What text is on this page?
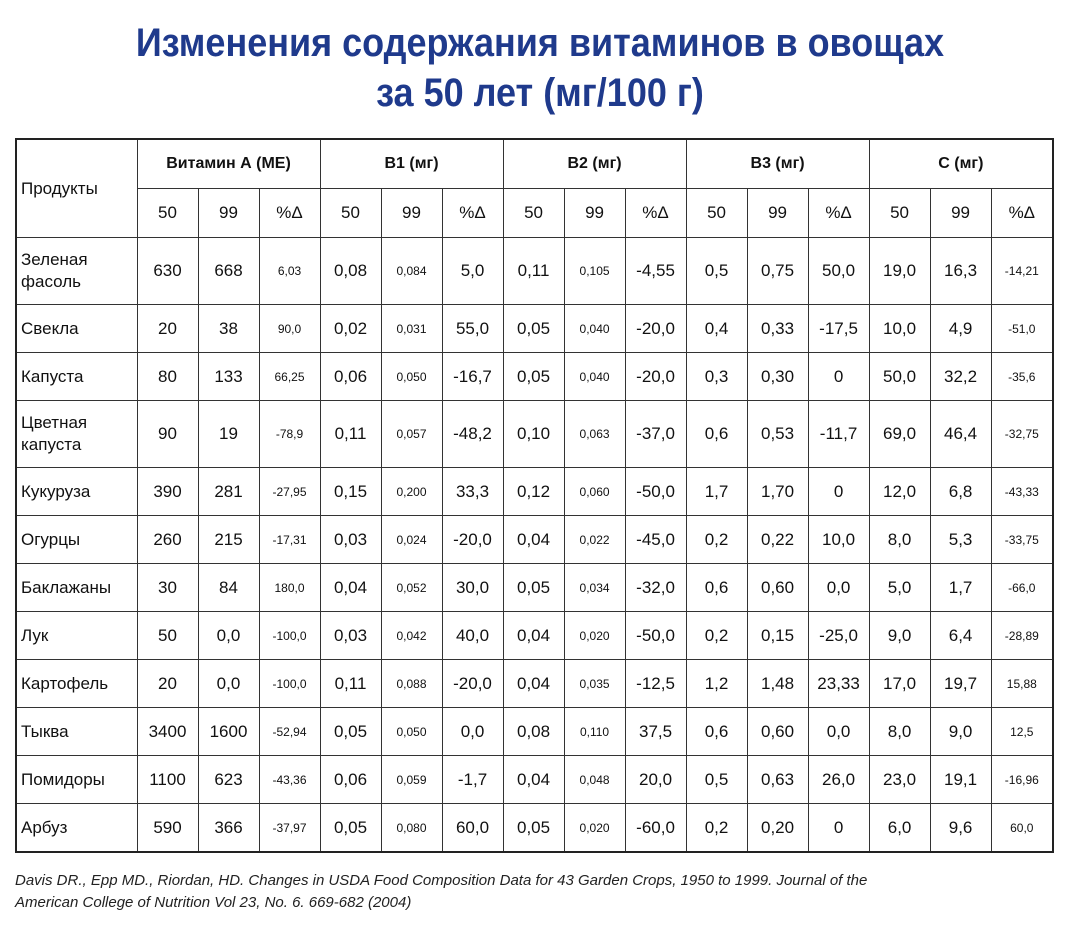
Изменения содержания витаминов в овощах
за 50 лет (мг/100 г)
Продукты	Витамин А (МЕ)			В1 (мг)			В2 (мг)			В3 (мг)			С (мг)		
	50	99	%Δ	50	99	%Δ	50	99	%Δ	50	99	%Δ	50	99	%Δ
Зеленая фасоль	630	668	6,03	0,08	0,084	5,0	0,11	0,105	-4,55	0,5	0,75	50,0	19,0	16,3	-14,21
Свекла	20	38	90,0	0,02	0,031	55,0	0,05	0,040	-20,0	0,4	0,33	-17,5	10,0	4,9	-51,0
Капуста	80	133	66,25	0,06	0,050	-16,7	0,05	0,040	-20,0	0,3	0,30	0	50,0	32,2	-35,6
Цветная капуста	90	19	-78,9	0,11	0,057	-48,2	0,10	0,063	-37,0	0,6	0,53	-11,7	69,0	46,4	-32,75
Кукуруза	390	281	-27,95	0,15	0,200	33,3	0,12	0,060	-50,0	1,7	1,70	0	12,0	6,8	-43,33
Огурцы	260	215	-17,31	0,03	0,024	-20,0	0,04	0,022	-45,0	0,2	0,22	10,0	8,0	5,3	-33,75
Баклажаны	30	84	180,0	0,04	0,052	30,0	0,05	0,034	-32,0	0,6	0,60	0,0	5,0	1,7	-66,0
Лук	50	0,0	-100,0	0,03	0,042	40,0	0,04	0,020	-50,0	0,2	0,15	-25,0	9,0	6,4	-28,89
Картофель	20	0,0	-100,0	0,11	0,088	-20,0	0,04	0,035	-12,5	1,2	1,48	23,33	17,0	19,7	15,88
Тыква	3400	1600	-52,94	0,05	0,050	0,0	0,08	0,110	37,5	0,6	0,60	0,0	8,0	9,0	12,5
Помидоры	1100	623	-43,36	0,06	0,059	-1,7	0,04	0,048	20,0	0,5	0,63	26,0	23,0	19,1	-16,96
Арбуз	590	366	-37,97	0,05	0,080	60,0	0,05	0,020	-60,0	0,2	0,20	0	6,0	9,6	60,0
Davis DR., Epp MD., Riordan, HD. Changes in USDA Food Composition Data for 43 Garden Crops, 1950 to 1999. Journal of the
American College of Nutrition Vol 23, No. 6. 669-682 (2004)
